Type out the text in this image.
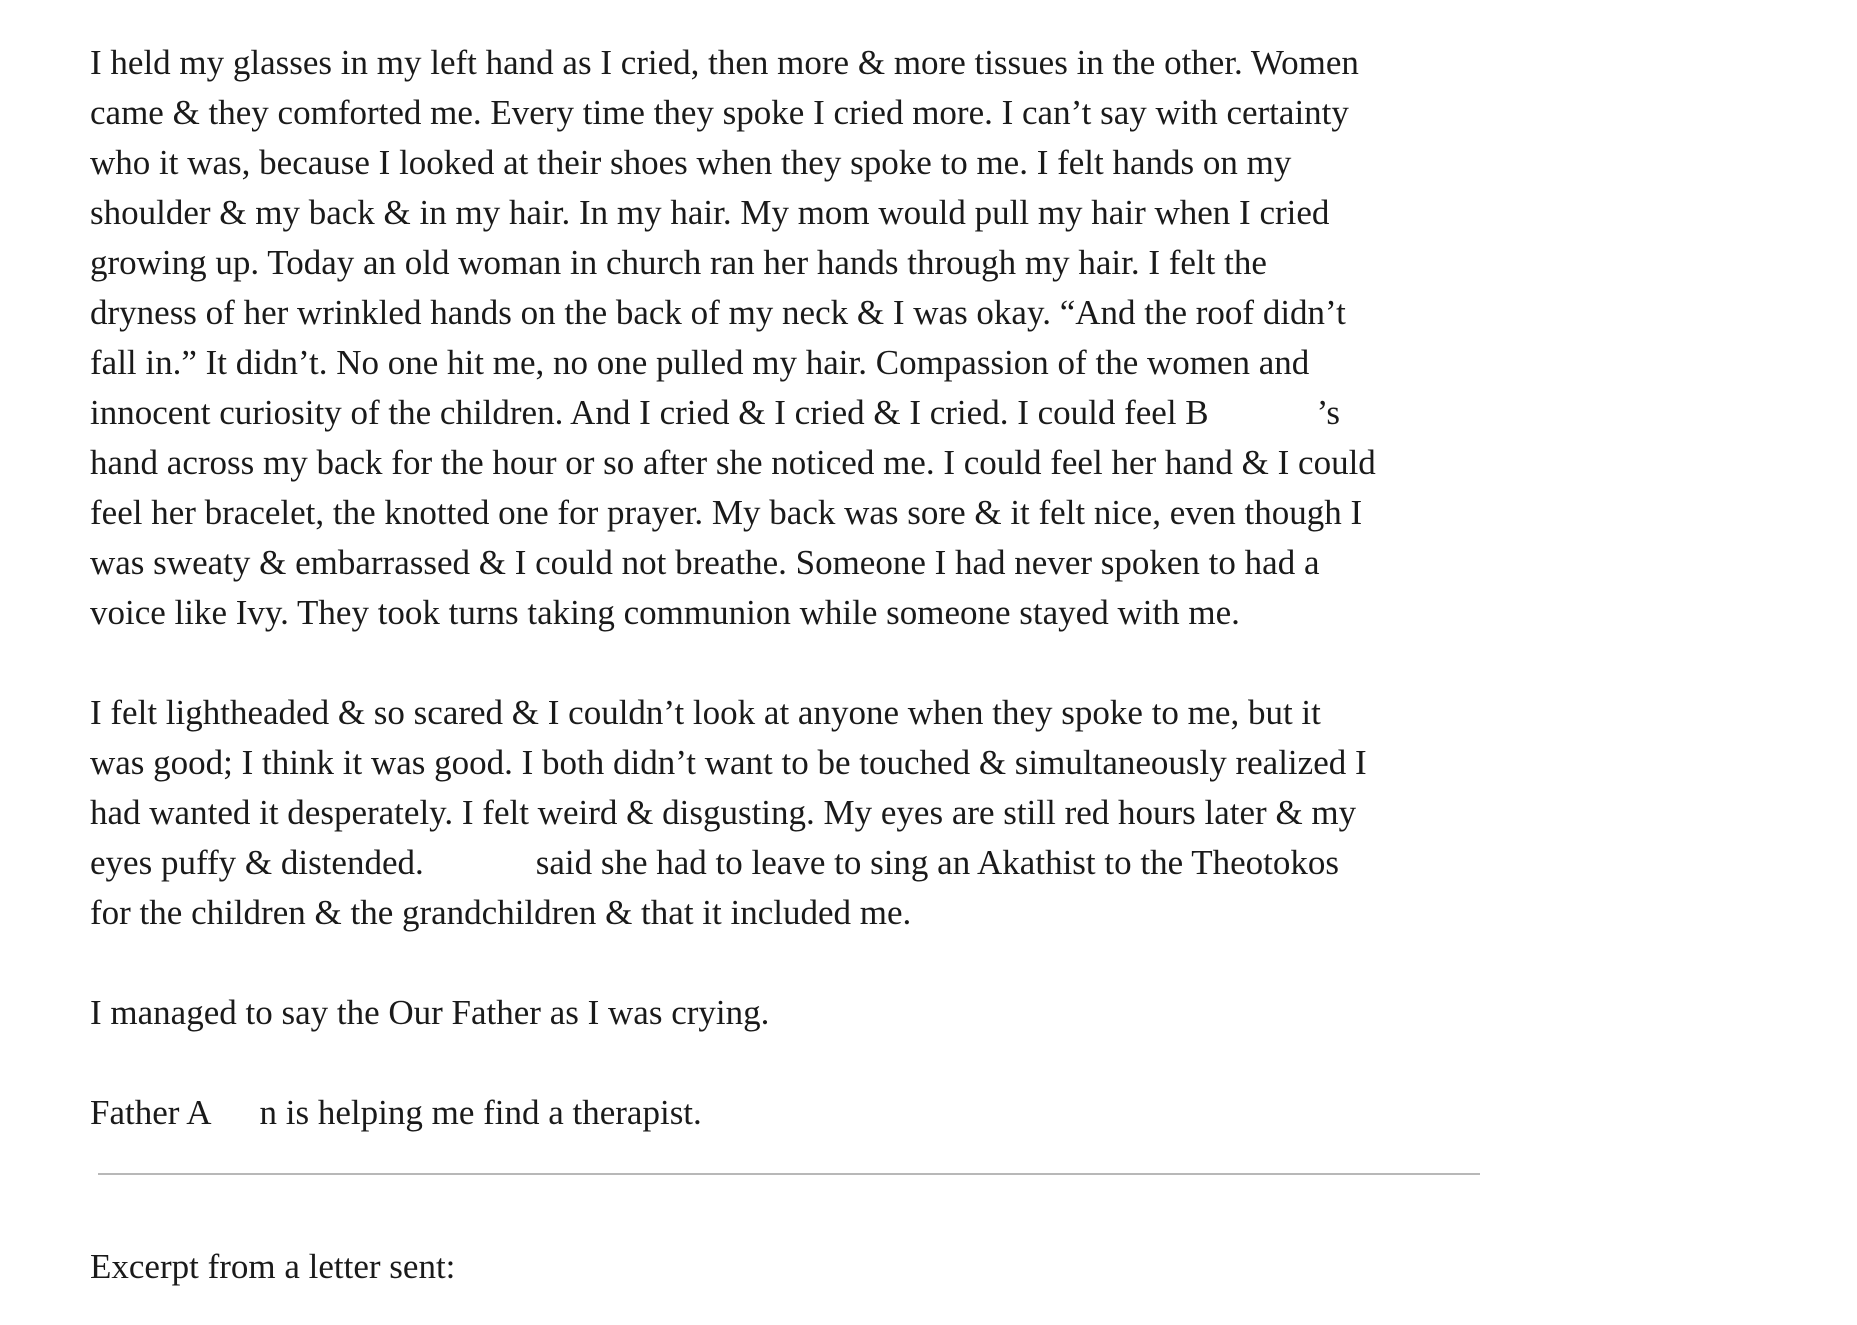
I held my glasses in my left hand as I cried, then more & more tissues in the other. Women
came & they comforted me. Every time they spoke I cried more. I can’t say with certainty
who it was, because I looked at their shoes when they spoke to me. I felt hands on my
shoulder & my back & in my hair. In my hair. My mom would pull my hair when I cried
growing up. Today an old woman in church ran her hands through my hair. I felt the
dryness of her wrinkled hands on the back of my neck & I was okay. “And the roof didn’t
fall in.” It didn’t. No one hit me, no one pulled my hair. Compassion of the women and
innocent curiosity of the children. And I cried & I cried & I cried. I could feel B	’s
hand across my back for the hour or so after she noticed me. I could feel her hand & I could
feel her bracelet, the knotted one for prayer. My back was sore & it felt nice, even though I
was sweaty & embarrassed & I could not breathe. Someone I had never spoken to had a
voice like Ivy. They took turns taking communion while someone stayed with me.
I felt lightheaded & so scared & I couldn’t look at anyone when they spoke to me, but it
was good; I think it was good. I both didn’t want to be touched & simultaneously realized I
had wanted it desperately. I felt weird & disgusting. My eyes are still red hours later & my
eyes puffy & distended.	said she had to leave to sing an Akathist to the Theotokos
for the children & the grandchildren & that it included me.
I managed to say the Our Father as I was crying.
Father A n is helping me find a therapist.
Excerpt from a letter sent:
